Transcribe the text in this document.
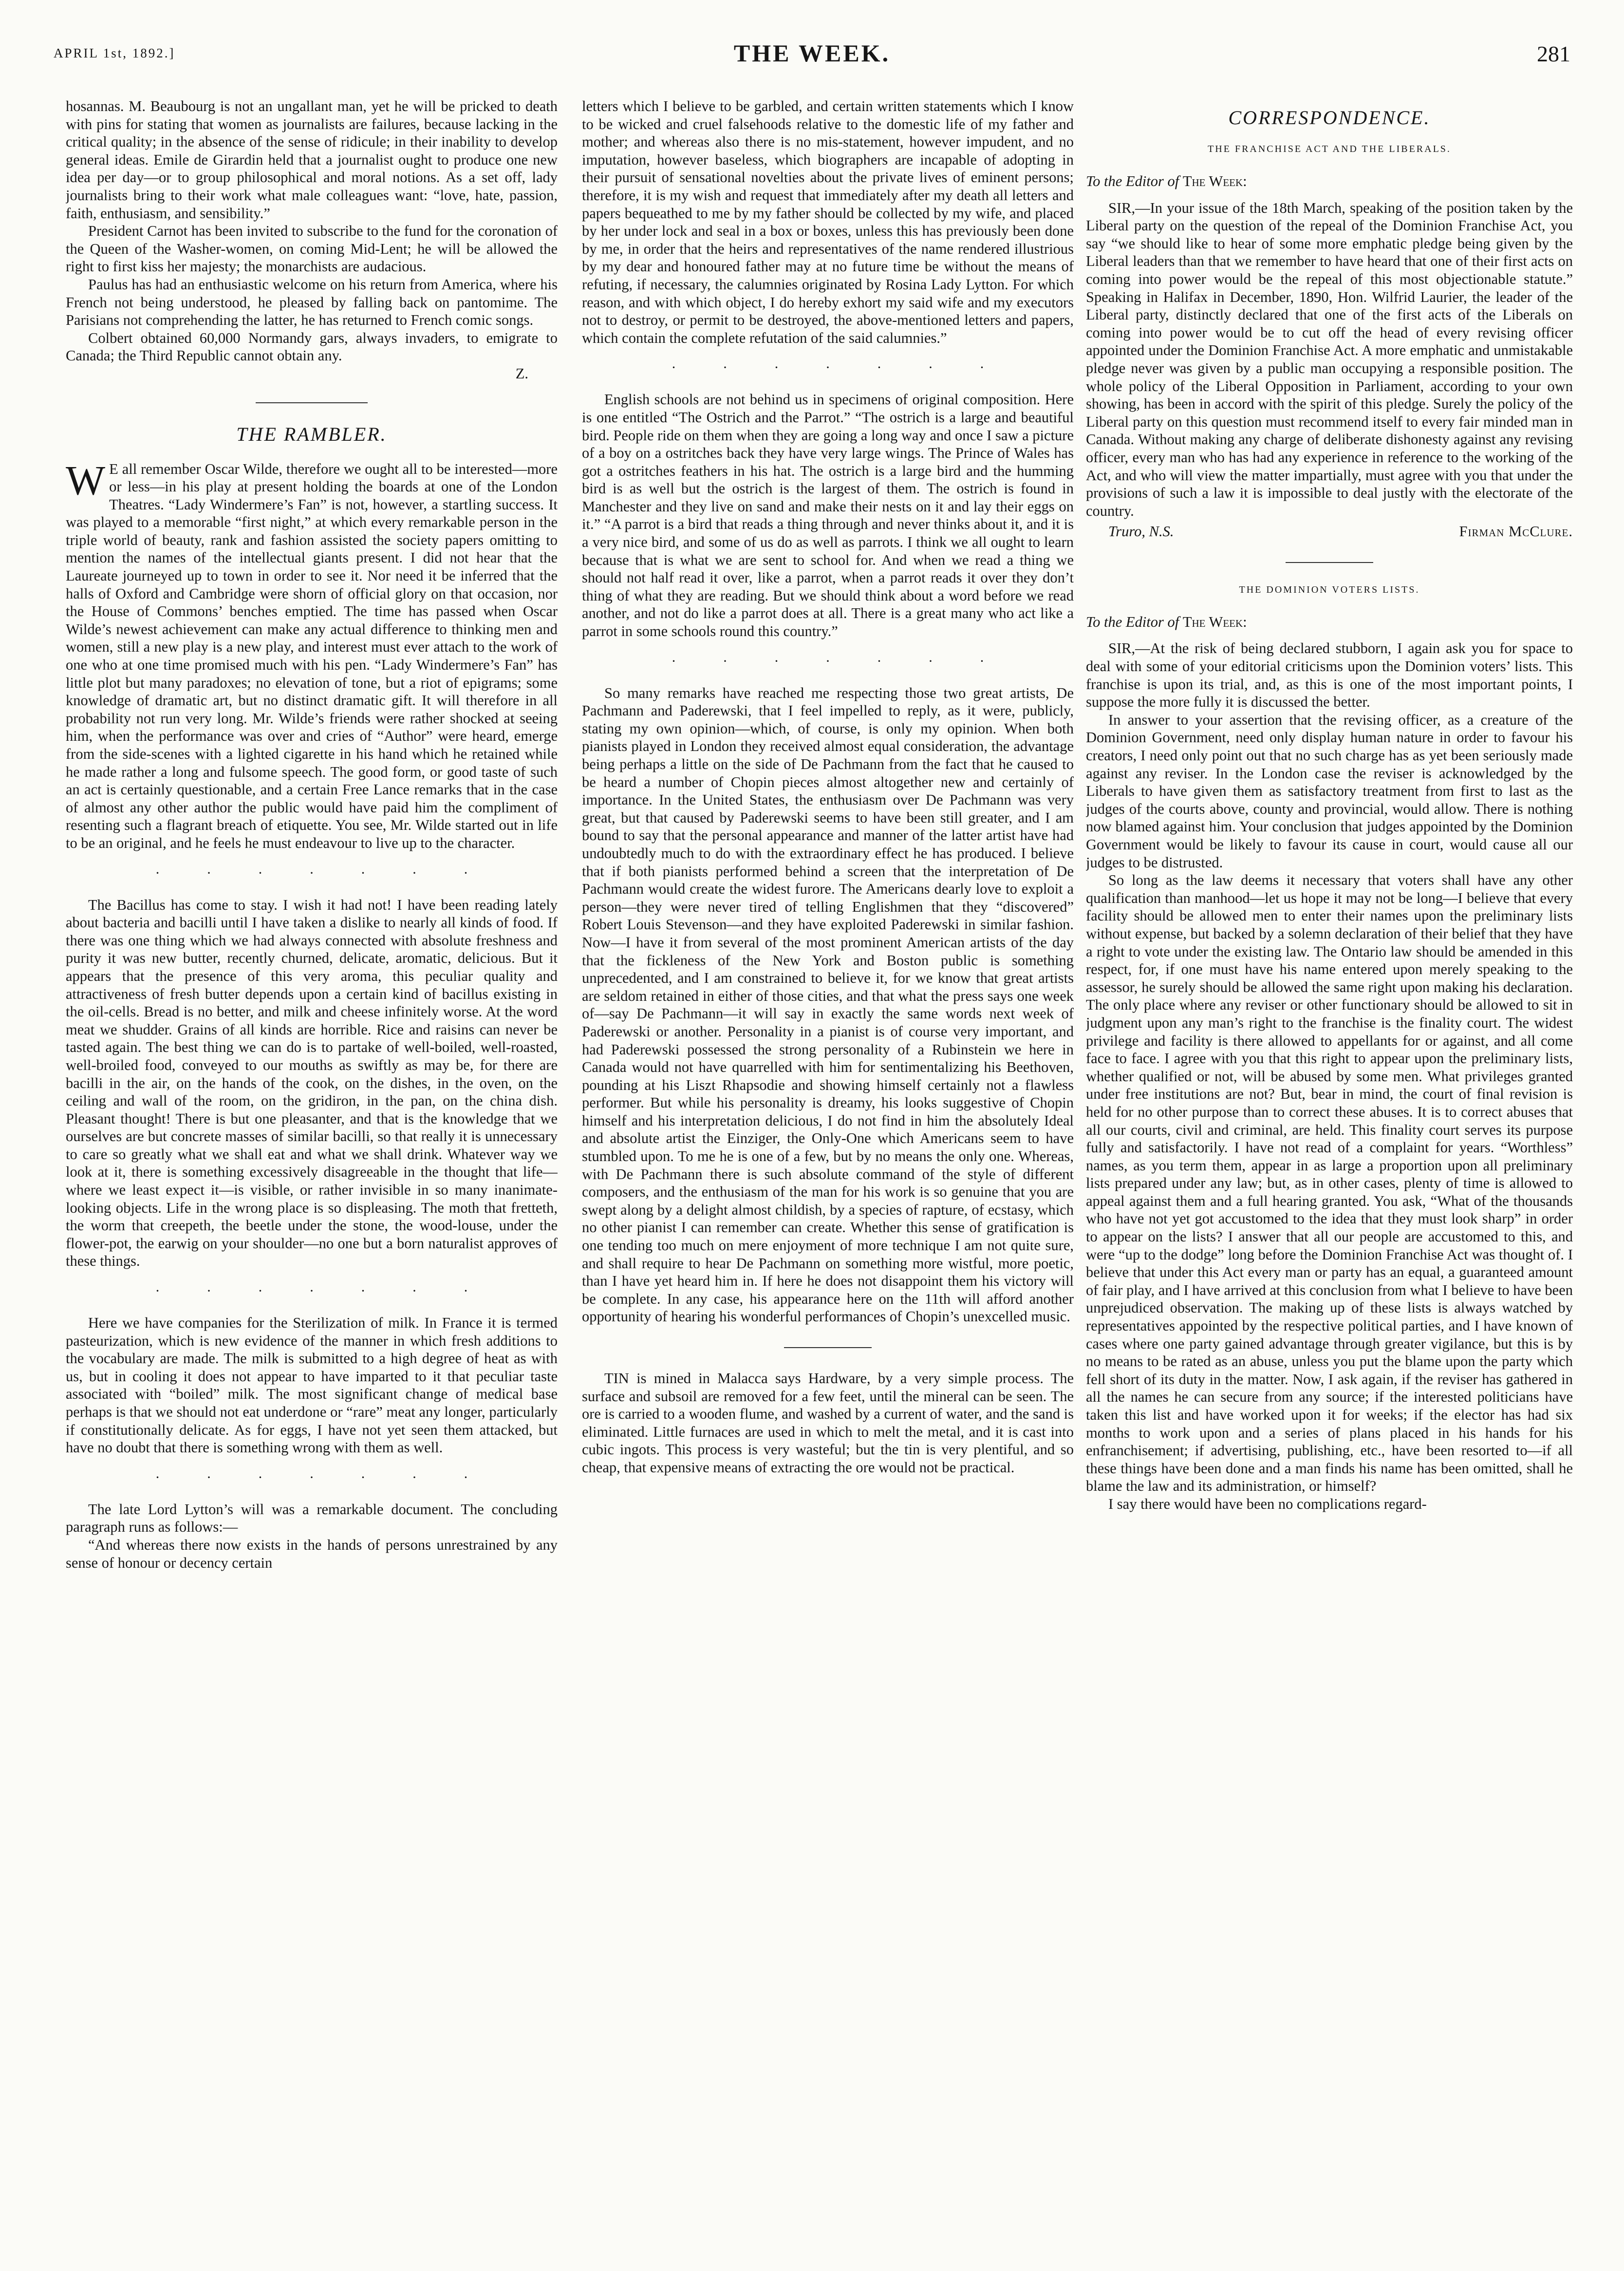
APRIL 1st, 1892.]	THE WEEK.	281

hosannas. M. Beaubourg is not an ungallant man, yet he will be pricked to death with pins for stating that women as journalists are failures, because lacking in the critical quality; in the absence of the sense of ridicule; in their inability to develop general ideas. Emile de Girardin held that a journalist ought to produce one new idea per day—or to group philosophical and moral notions. As a set off, lady journalists bring to their work what male colleagues want: “love, hate, passion, faith, enthusiasm, and sensibility.”

President Carnot has been invited to subscribe to the fund for the coronation of the Queen of the Washer-women, on coming Mid-Lent; he will be allowed the right to first kiss her majesty; the monarchists are audacious.

Paulus has had an enthusiastic welcome on his return from America, where his French not being understood, he pleased by falling back on pantomime. The Parisians not comprehending the latter, he has returned to French comic songs.

Colbert obtained 60,000 Normandy gars, always invaders, to emigrate to Canada; the Third Republic cannot obtain any.

Z.
THE RAMBLER.

W E all remember Oscar Wilde, therefore we ought all to be interested—more or less—in his play at present holding the boards at one of the London Theatres. “Lady Windermere’s Fan” is not, however, a startling success. It was played to a memorable “first night,” at which every remarkable person in the triple world of beauty, rank and fashion assisted the society papers omitting to mention the names of the intellectual giants present. I did not hear that the Laureate journeyed up to town in order to see it. Nor need it be inferred that the halls of Oxford and Cambridge were shorn of official glory on that occasion, nor the House of Commons’ benches emptied. The time has passed when Oscar Wilde’s newest achievement can make any actual difference to thinking men and women, still a new play is a new play, and interest must ever attach to the work of one who at one time promised much with his pen. “Lady Windermere’s Fan” has little plot but many paradoxes; no elevation of tone, but a riot of epigrams; some knowledge of dramatic art, but no distinct dramatic gift. It will therefore in all probability not run very long. Mr. Wilde’s friends were rather shocked at seeing him, when the performance was over and cries of “Author” were heard, emerge from the side-scenes with a lighted cigarette in his hand which he retained while he made rather a long and fulsome speech. The good form, or good taste of such an act is certainly questionable, and a certain Free Lance remarks that in the case of almost any other author the public would have paid him the compliment of resenting such a flagrant breach of etiquette. You see, Mr. Wilde started out in life to be an original, and he feels he must endeavour to live up to the character.

· · · · · · ·

The Bacillus has come to stay. I wish it had not! I have been reading lately about bacteria and bacilli until I have taken a dislike to nearly all kinds of food. If there was one thing which we had always connected with absolute freshness and purity it was new butter, recently churned, delicate, aromatic, delicious. But it appears that the presence of this very aroma, this peculiar quality and attractiveness of fresh butter depends upon a certain kind of bacillus existing in the oil-cells. Bread is no better, and milk and cheese infinitely worse. At the word meat we shudder. Grains of all kinds are horrible. Rice and raisins can never be tasted again. The best thing we can do is to partake of well-boiled, well-roasted, well-broiled food, conveyed to our mouths as swiftly as may be, for there are bacilli in the air, on the hands of the cook, on the dishes, in the oven, on the ceiling and wall of the room, on the gridiron, in the pan, on the china dish. Pleasant thought! There is but one pleasanter, and that is the knowledge that we ourselves are but concrete masses of similar bacilli, so that really it is unnecessary to care so greatly what we shall eat and what we shall drink. Whatever way we look at it, there is something excessively disagreeable in the thought that life—where we least expect it—is visible, or rather invisible in so many inanimate-looking objects. Life in the wrong place is so displeasing. The moth that fretteth, the worm that creepeth, the beetle under the stone, the wood-louse, under the flower-pot, the earwig on your shoulder—no one but a born naturalist approves of these things.

· · · · · · ·

Here we have companies for the Sterilization of milk. In France it is termed pasteurization, which is new evidence of the manner in which fresh additions to the vocabulary are made. The milk is submitted to a high degree of heat as with us, but in cooling it does not appear to have imparted to it that peculiar taste associated with “boiled” milk. The most significant change of medical base perhaps is that we should not eat underdone or “rare” meat any longer, particularly if constitutionally delicate. As for eggs, I have not yet seen them attacked, but have no doubt that there is something wrong with them as well.

· · · · · · ·

The late Lord Lytton’s will was a remarkable document. The concluding paragraph runs as follows:—

“And whereas there now exists in the hands of persons unrestrained by any sense of honour or decency certain

letters which I believe to be garbled, and certain written statements which I know to be wicked and cruel falsehoods relative to the domestic life of my father and mother; and whereas also there is no mis-statement, however impudent, and no imputation, however baseless, which biographers are incapable of adopting in their pursuit of sensational novelties about the private lives of eminent persons; therefore, it is my wish and request that immediately after my death all letters and papers bequeathed to me by my father should be collected by my wife, and placed by her under lock and seal in a box or boxes, unless this has previously been done by me, in order that the heirs and representatives of the name rendered illustrious by my dear and honoured father may at no future time be without the means of refuting, if necessary, the calumnies originated by Rosina Lady Lytton. For which reason, and with which object, I do hereby exhort my said wife and my executors not to destroy, or permit to be destroyed, the above-mentioned letters and papers, which contain the complete refutation of the said calumnies.”

· · · · · · ·

English schools are not behind us in specimens of original composition. Here is one entitled “The Ostrich and the Parrot.” “The ostrich is a large and beautiful bird. People ride on them when they are going a long way and once I saw a picture of a boy on a ostritches back they have very large wings. The Prince of Wales has got a ostritches feathers in his hat. The ostrich is a large bird and the humming bird is as well but the ostrich is the largest of them. The ostrich is found in Manchester and they live on sand and make their nests on it and lay their eggs on it.” “A parrot is a bird that reads a thing through and never thinks about it, and it is a very nice bird, and some of us do as well as parrots. I think we all ought to learn because that is what we are sent to school for. And when we read a thing we should not half read it over, like a parrot, when a parrot reads it over they don’t thing of what they are reading. But we should think about a word before we read another, and not do like a parrot does at all. There is a great many who act like a parrot in some schools round this country.”

· · · · · · ·

So many remarks have reached me respecting those two great artists, De Pachmann and Paderewski, that I feel impelled to reply, as it were, publicly, stating my own opinion—which, of course, is only my opinion. When both pianists played in London they received almost equal consideration, the advantage being perhaps a little on the side of De Pachmann from the fact that he caused to be heard a number of Chopin pieces almost altogether new and certainly of importance. In the United States, the enthusiasm over De Pachmann was very great, but that caused by Paderewski seems to have been still greater, and I am bound to say that the personal appearance and manner of the latter artist have had undoubtedly much to do with the extraordinary effect he has produced. I believe that if both pianists performed behind a screen that the interpretation of De Pachmann would create the widest furore. The Americans dearly love to exploit a person—they were never tired of telling Englishmen that they “discovered” Robert Louis Stevenson—and they have exploited Paderewski in similar fashion. Now—I have it from several of the most prominent American artists of the day that the fickleness of the New York and Boston public is something unprecedented, and I am constrained to believe it, for we know that great artists are seldom retained in either of those cities, and that what the press says one week of—say De Pachmann—it will say in exactly the same words next week of Paderewski or another. Personality in a pianist is of course very important, and had Paderewski possessed the strong personality of a Rubinstein we here in Canada would not have quarrelled with him for sentimentalizing his Beethoven, pounding at his Liszt Rhapsodie and showing himself certainly not a flawless performer. But while his personality is dreamy, his looks suggestive of Chopin himself and his interpretation delicious, I do not find in him the absolutely Ideal and absolute artist the Einziger, the Only-One which Americans seem to have stumbled upon. To me he is one of a few, but by no means the only one. Whereas, with De Pachmann there is such absolute command of the style of different composers, and the enthusiasm of the man for his work is so genuine that you are swept along by a delight almost childish, by a species of rapture, of ecstasy, which no other pianist I can remember can create. Whether this sense of gratification is one tending too much on mere enjoyment of more technique I am not quite sure, and shall require to hear De Pachmann on something more wistful, more poetic, than I have yet heard him in. If here he does not disappoint them his victory will be complete. In any case, his appearance here on the 11th will afford another opportunity of hearing his wonderful performances of Chopin’s unexcelled music.

TIN is mined in Malacca says Hardware, by a very simple process. The surface and subsoil are removed for a few feet, until the mineral can be seen. The ore is carried to a wooden flume, and washed by a current of water, and the sand is eliminated. Little furnaces are used in which to melt the metal, and it is cast into cubic ingots. This process is very wasteful; but the tin is very plentiful, and so cheap, that expensive means of extracting the ore would not be practical.

CORRESPONDENCE.
THE FRANCHISE ACT AND THE LIBERALS.
To the Editor of The Week:

SIR,—In your issue of the 18th March, speaking of the position taken by the Liberal party on the question of the repeal of the Dominion Franchise Act, you say “we should like to hear of some more emphatic pledge being given by the Liberal leaders than that we remember to have heard that one of their first acts on coming into power would be the repeal of this most objectionable statute.” Speaking in Halifax in December, 1890, Hon. Wilfrid Laurier, the leader of the Liberal party, distinctly declared that one of the first acts of the Liberals on coming into power would be to cut off the head of every revising officer appointed under the Dominion Franchise Act. A more emphatic and unmistakable pledge never was given by a public man occupying a responsible position. The whole policy of the Liberal Opposition in Parliament, according to your own showing, has been in accord with the spirit of this pledge. Surely the policy of the Liberal party on this question must recommend itself to every fair minded man in Canada. Without making any charge of deliberate dishonesty against any revising officer, every man who has had any experience in reference to the working of the Act, and who will view the matter impartially, must agree with you that under the provisions of such a law it is impossible to deal justly with the electorate of the country.

Truro, N.S.	Firman McClure.
THE DOMINION VOTERS LISTS.
To the Editor of The Week:

SIR,—At the risk of being declared stubborn, I again ask you for space to deal with some of your editorial criticisms upon the Dominion voters’ lists. This franchise is upon its trial, and, as this is one of the most important points, I suppose the more fully it is discussed the better.

In answer to your assertion that the revising officer, as a creature of the Dominion Government, need only display human nature in order to favour his creators, I need only point out that no such charge has as yet been seriously made against any reviser. In the London case the reviser is acknowledged by the Liberals to have given them as satisfactory treatment from first to last as the judges of the courts above, county and provincial, would allow. There is nothing now blamed against him. Your conclusion that judges appointed by the Dominion Government would be likely to favour its cause in court, would cause all our judges to be distrusted.

So long as the law deems it necessary that voters shall have any other qualification than manhood—let us hope it may not be long—I believe that every facility should be allowed men to enter their names upon the preliminary lists without expense, but backed by a solemn declaration of their belief that they have a right to vote under the existing law. The Ontario law should be amended in this respect, for, if one must have his name entered upon merely speaking to the assessor, he surely should be allowed the same right upon making his declaration. The only place where any reviser or other functionary should be allowed to sit in judgment upon any man’s right to the franchise is the finality court. The widest privilege and facility is there allowed to appellants for or against, and all come face to face. I agree with you that this right to appear upon the preliminary lists, whether qualified or not, will be abused by some men. What privileges granted under free institutions are not? But, bear in mind, the court of final revision is held for no other purpose than to correct these abuses. It is to correct abuses that all our courts, civil and criminal, are held. This finality court serves its purpose fully and satisfactorily. I have not read of a complaint for years. “Worthless” names, as you term them, appear in as large a proportion upon all preliminary lists prepared under any law; but, as in other cases, plenty of time is allowed to appeal against them and a full hearing granted. You ask, “What of the thousands who have not yet got accustomed to the idea that they must look sharp” in order to appear on the lists? I answer that all our people are accustomed to this, and were “up to the dodge” long before the Dominion Franchise Act was thought of. I believe that under this Act every man or party has an equal, a guaranteed amount of fair play, and I have arrived at this conclusion from what I believe to have been unprejudiced observation. The making up of these lists is always watched by representatives appointed by the respective political parties, and I have known of cases where one party gained advantage through greater vigilance, but this is by no means to be rated as an abuse, unless you put the blame upon the party which fell short of its duty in the matter. Now, I ask again, if the reviser has gathered in all the names he can secure from any source; if the interested politicians have taken this list and have worked upon it for weeks; if the elector has had six months to work upon and a series of plans placed in his hands for his enfranchisement; if advertising, publishing, etc., have been resorted to—if all these things have been done and a man finds his name has been omitted, shall he blame the law and its administration, or himself?

I say there would have been no complications regard-
